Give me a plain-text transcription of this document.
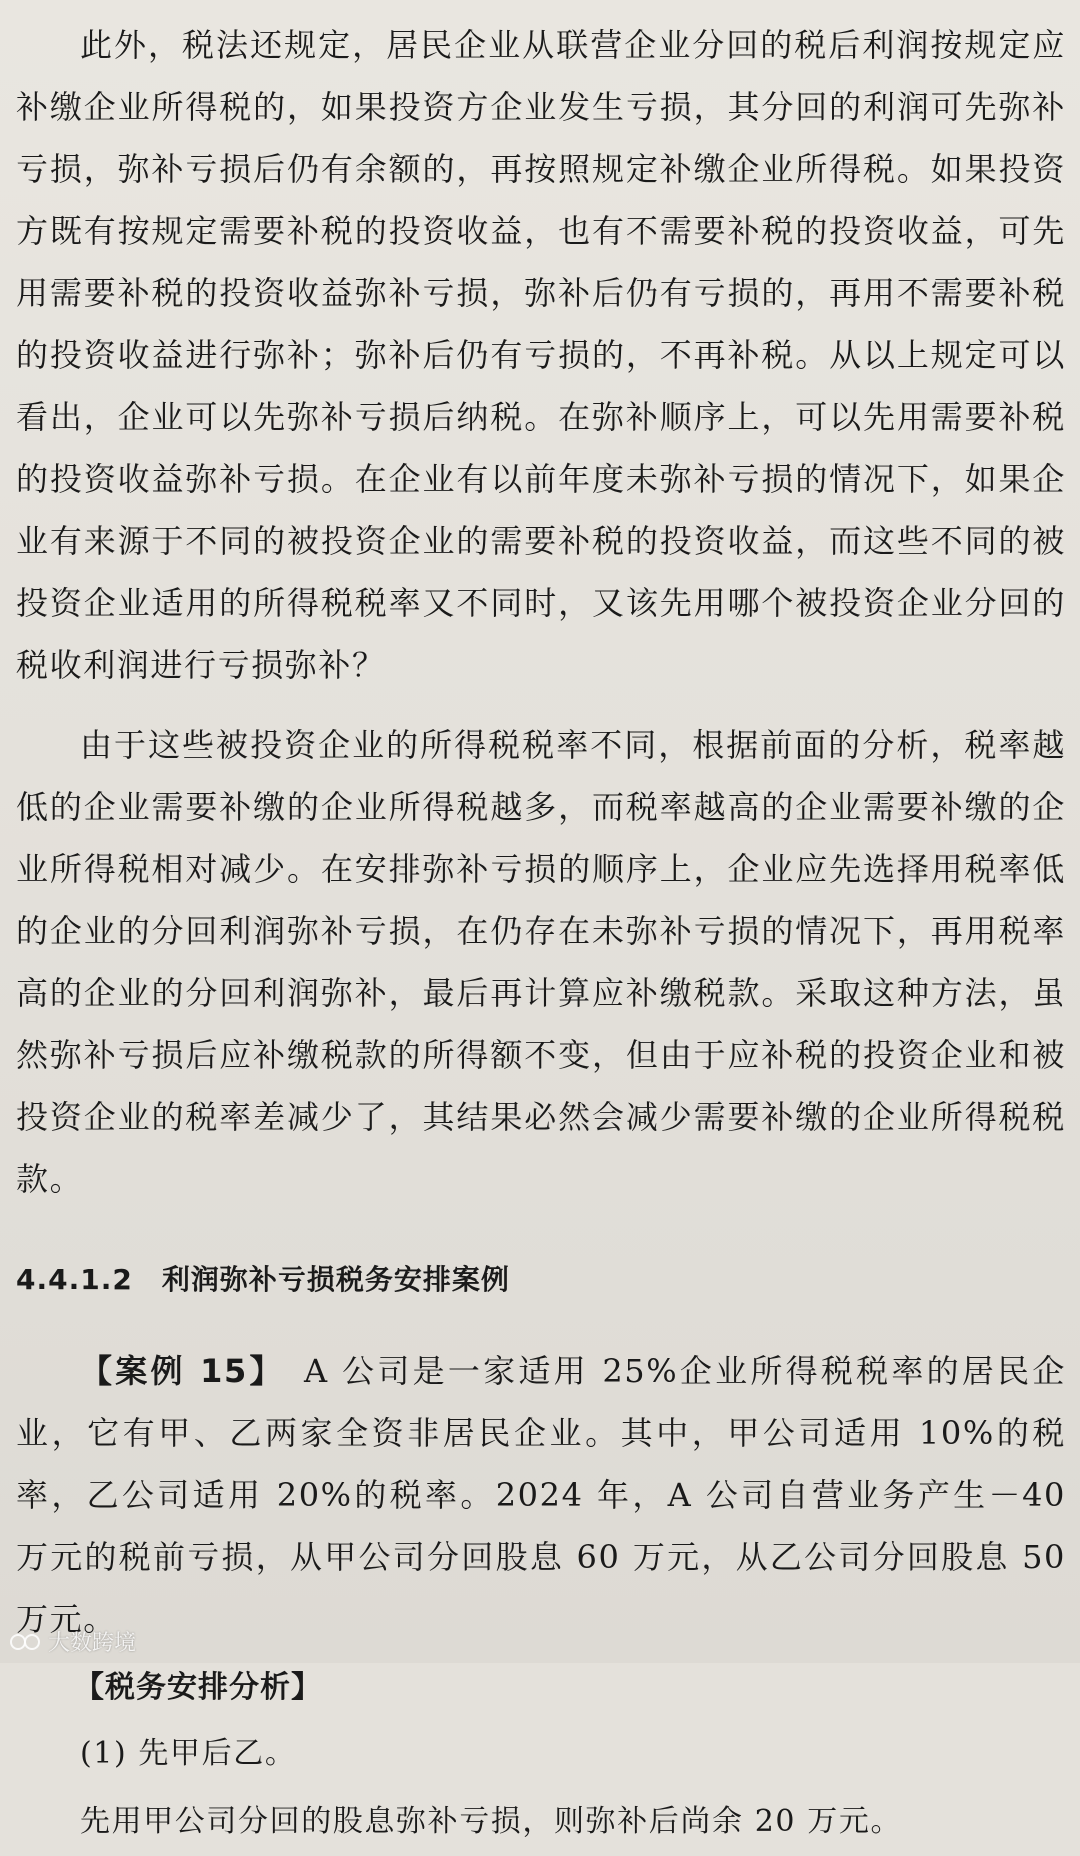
此外，税法还规定，居民企业从联营企业分回的税后利润按规定应补缴企业所得税的，如果投资方企业发生亏损，其分回的利润可先弥补亏损，弥补亏损后仍有余额的，再按照规定补缴企业所得税。如果投资方既有按规定需要补税的投资收益，也有不需要补税的投资收益，可先用需要补税的投资收益弥补亏损，弥补后仍有亏损的，再用不需要补税的投资收益进行弥补；弥补后仍有亏损的，不再补税。从以上规定可以看出，企业可以先弥补亏损后纳税。在弥补顺序上，可以先用需要补税的投资收益弥补亏损。在企业有以前年度未弥补亏损的情况下，如果企业有来源于不同的被投资企业的需要补税的投资收益，而这些不同的被投资企业适用的所得税税率又不同时，又该先用哪个被投资企业分回的税收利润进行亏损弥补？

由于这些被投资企业的所得税税率不同，根据前面的分析，税率越低的企业需要补缴的企业所得税越多，而税率越高的企业需要补缴的企业所得税相对减少。在安排弥补亏损的顺序上，企业应先选择用税率低的企业的分回利润弥补亏损，在仍存在未弥补亏损的情况下，再用税率高的企业的分回利润弥补，最后再计算应补缴税款。采取这种方法，虽然弥补亏损后应补缴税款的所得额不变，但由于应补税的投资企业和被投资企业的税率差减少了，其结果必然会减少需要补缴的企业所得税税款。

4.4.1.2　利润弥补亏损税务安排案例

【案例 15】　A 公司是一家适用 25%企业所得税税率的居民企业，它有甲、乙两家全资非居民企业。其中，甲公司适用 10%的税率，乙公司适用 20%的税率。2024 年，A 公司自营业务产生－40 万元的税前亏损，从甲公司分回股息 60 万元，从乙公司分回股息 50 万元。

【税务安排分析】
(1) 先甲后乙。
先用甲公司分回的股息弥补亏损，则弥补后尚余 20 万元。
大数跨境
